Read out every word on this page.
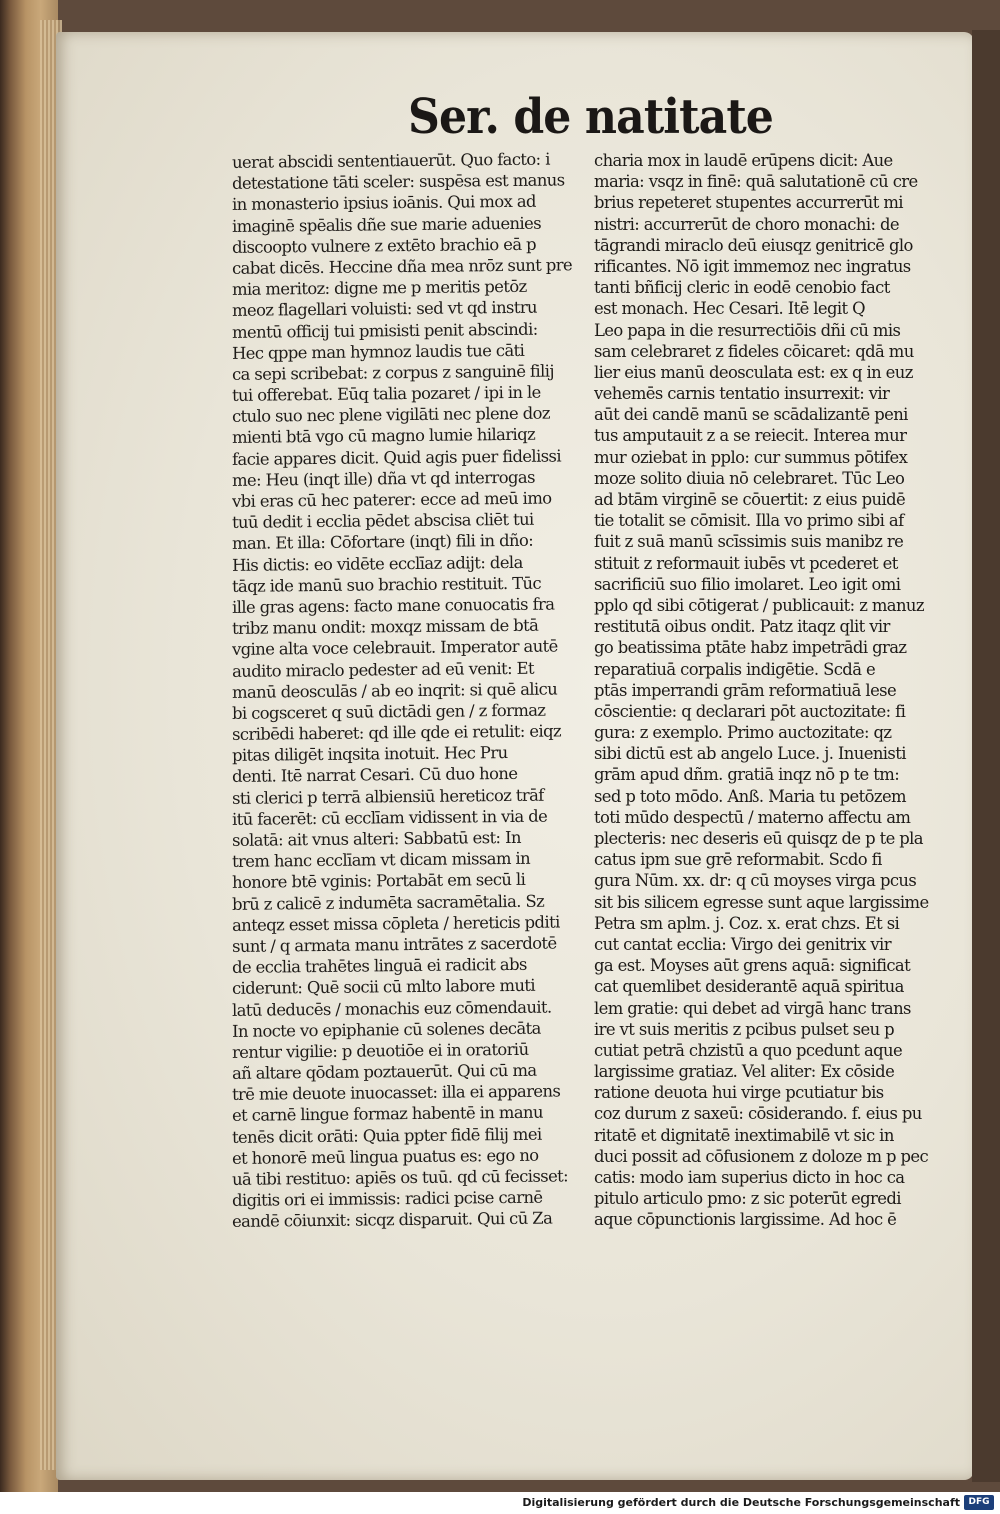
Ser. de natitate
uerat abscidi sententiauerūt. Quo facto: i
detestatione tāti sceler: suspēsa est manus
in monasterio ipsius ioānis. Qui mox ad
imaginē spēalis dñe sue marie aduenies
discoopto vulnere z extēto brachio eā p
cabat dicēs. Heccine dña mea nrōz sunt pre
mia meritoz: digne me p meritis petōz
meoz flagellari voluisti: sed vt qd instru
mentū officij tui pmisisti penit abscindi:
Hec qppe man hymnoz laudis tue cāti
ca sepi scribebat: z corpus z sanguinē filij
tui offerebat. Eūq talia pozaret / ipi in le
ctulo suo nec plene vigilāti nec plene doz
mienti btā vgo cū magno lumie hilariqz
facie appares dicit. Quid agis puer fidelissi
me: Heu (inqt ille) dña vt qd interrogas
vbi eras cū hec paterer: ecce ad meū imo
tuū dedit i ecclia pēdet abscisa cliēt tui
man. Et illa: Cōfortare (inqt) fili in dño:
His dictis: eo vidēte ecclīaz adijt: dela
tāqz ide manū suo brachio restituit. Tūc
ille gras agens: facto mane conuocatis fra
tribz manu ondit: moxqz missam de btā
vgine alta voce celebrauit. Imperator autē
audito miraclo pedester ad eū venit: Et
manū deosculās / ab eo inqrit: si quē alicu
bi cogsceret q suū dictādi gen / z formaz
scribēdi haberet: qd ille qde ei retulit: eiqz
pitas diligēt inqsita inotuit. Hec Pru
denti. Itē narrat Cesari. Cū duo hone
sti clerici p terrā albiensiū hereticoz trāf
itū facerēt: cū ecclīam vidissent in via de
solatā: ait vnus alteri: Sabbatū est: In
trem hanc ecclīam vt dicam missam in
honore btē vginis: Portabāt em secū li
brū z calicē z indumēta sacramētalia. Sz
anteqz esset missa cōpleta / hereticis pditi
sunt / q armata manu intrātes z sacerdotē
de ecclia trahētes linguā ei radicit abs
ciderunt: Quē socii cū mlto labore muti
latū deducēs / monachis euz cōmendauit.
In nocte vo epiphanie cū solenes decāta
rentur vigilie: p deuotiōe ei in oratoriū
añ altare qōdam poztauerūt. Qui cū ma
trē mie deuote inuocasset: illa ei apparens
et carnē lingue formaz habentē in manu
tenēs dicit orāti: Quia ppter fidē filij mei
et honorē meū lingua puatus es: ego no
uā tibi restituo: apiēs os tuū. qd cū fecisset:
digitis ori ei immissis: radici pcise carnē
eandē cōiunxit: sicqz disparuit. Qui cū Za
charia mox in laudē erūpens dicit: Aue
maria: vsqz in finē: quā salutationē cū cre
brius repeteret stupentes accurrerūt mi
nistri: accurrerūt de choro monachi: de
tāgrandi miraclo deū eiusqz genitricē glo
rificantes. Nō igit immemoz nec ingratus
tanti bñficij cleric in eodē cenobio fact
est monach. Hec Cesari. Itē legit Q
Leo papa in die resurrectiōis dñi cū mis
sam celebraret z fideles cōicaret: qdā mu
lier eius manū deosculata est: ex q in euz
vehemēs carnis tentatio insurrexit: vir
aūt dei candē manū se scādalizantē peni
tus amputauit z a se reiecit. Interea mur
mur oziebat in pplo: cur summus pōtifex
moze solito diuia nō celebraret. Tūc Leo
ad btām virginē se cōuertit: z eius puidē
tie totalit se cōmisit. Illa vo primo sibi af
fuit z suā manū scīssimis suis manibz re
stituit z reformauit iubēs vt pcederet et
sacrificiū suo filio imolaret. Leo igit omi
pplo qd sibi cōtigerat / publicauit: z manuz
restitutā oibus ondit. Patz itaqz qlit vir
go beatissima ptāte habz impetrādi graz
reparatiuā corpalis indigētie. Scdā e
ptās imperrandi grām reformatiuā lese
cōscientie: q declarari pōt auctozitate: fi
gura: z exemplo. Primo auctozitate: qz
sibi dictū est ab angelo Luce. j. Inuenisti
grām apud dñm. gratiā inqz nō p te tm:
sed p toto mōdo. Anß. Maria tu petōzem
toti mūdo despectū / materno affectu am
plecteris: nec deseris eū quisqz de p te pla
catus ipm sue grē reformabit. Scdo fi
gura Nūm. xx. dr: q cū moyses virga pcus
sit bis silicem egresse sunt aque largissime
Petra sm aplm. j. Coz. x. erat chzs. Et si
cut cantat ecclia: Virgo dei genitrix vir
ga est. Moyses aūt grens aquā: significat
cat quemlibet desiderantē aquā spiritua
lem gratie: qui debet ad virgā hanc trans
ire vt suis meritis z pcibus pulset seu p
cutiat petrā chzistū a quo pcedunt aque
largissime gratiaz. Vel aliter: Ex cōside
ratione deuota hui virge pcutiatur bis
coz durum z saxeū: cōsiderando. f. eius pu
ritatē et dignitatē inextimabilē vt sic in
duci possit ad cōfusionem z doloze m p pec
catis: modo iam superius dicto in hoc ca
pitulo articulo pmo: z sic poterūt egredi
aque cōpunctionis largissime. Ad hoc ē
Digitalisierung gefördert durch die Deutsche Forschungsgemeinschaft DFG
